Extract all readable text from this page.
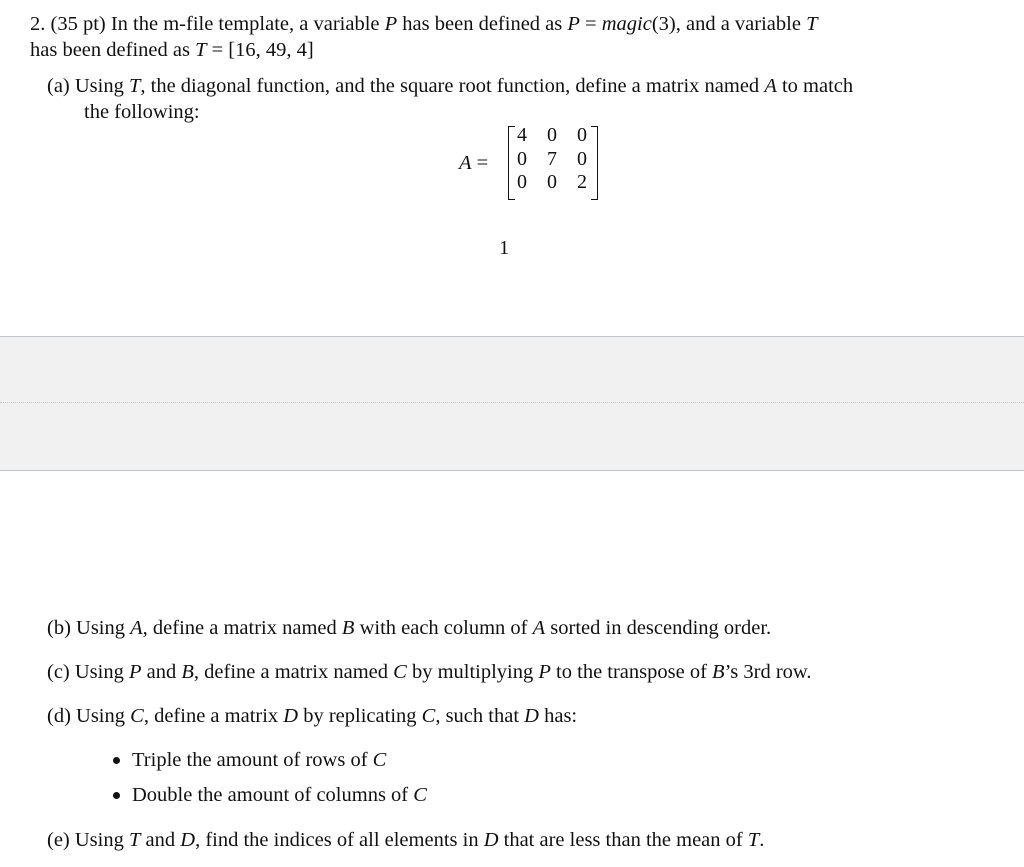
2. (35 pt) In the m-file template, a variable P has been defined as P = magic(3), and a variable T
has been defined as T = [16, 49, 4]
(a) Using T, the diagonal function, and the square root function, define a matrix named A to match
the following:
A =
4 0 0
0 7 0
0 0 2
1
(b) Using A, define a matrix named B with each column of A sorted in descending order.
(c) Using P and B, define a matrix named C by multiplying P to the transpose of B’s 3rd row.
(d) Using C, define a matrix D by replicating C, such that D has:
Triple the amount of rows of C
Double the amount of columns of C
(e) Using T and D, find the indices of all elements in D that are less than the mean of T.
